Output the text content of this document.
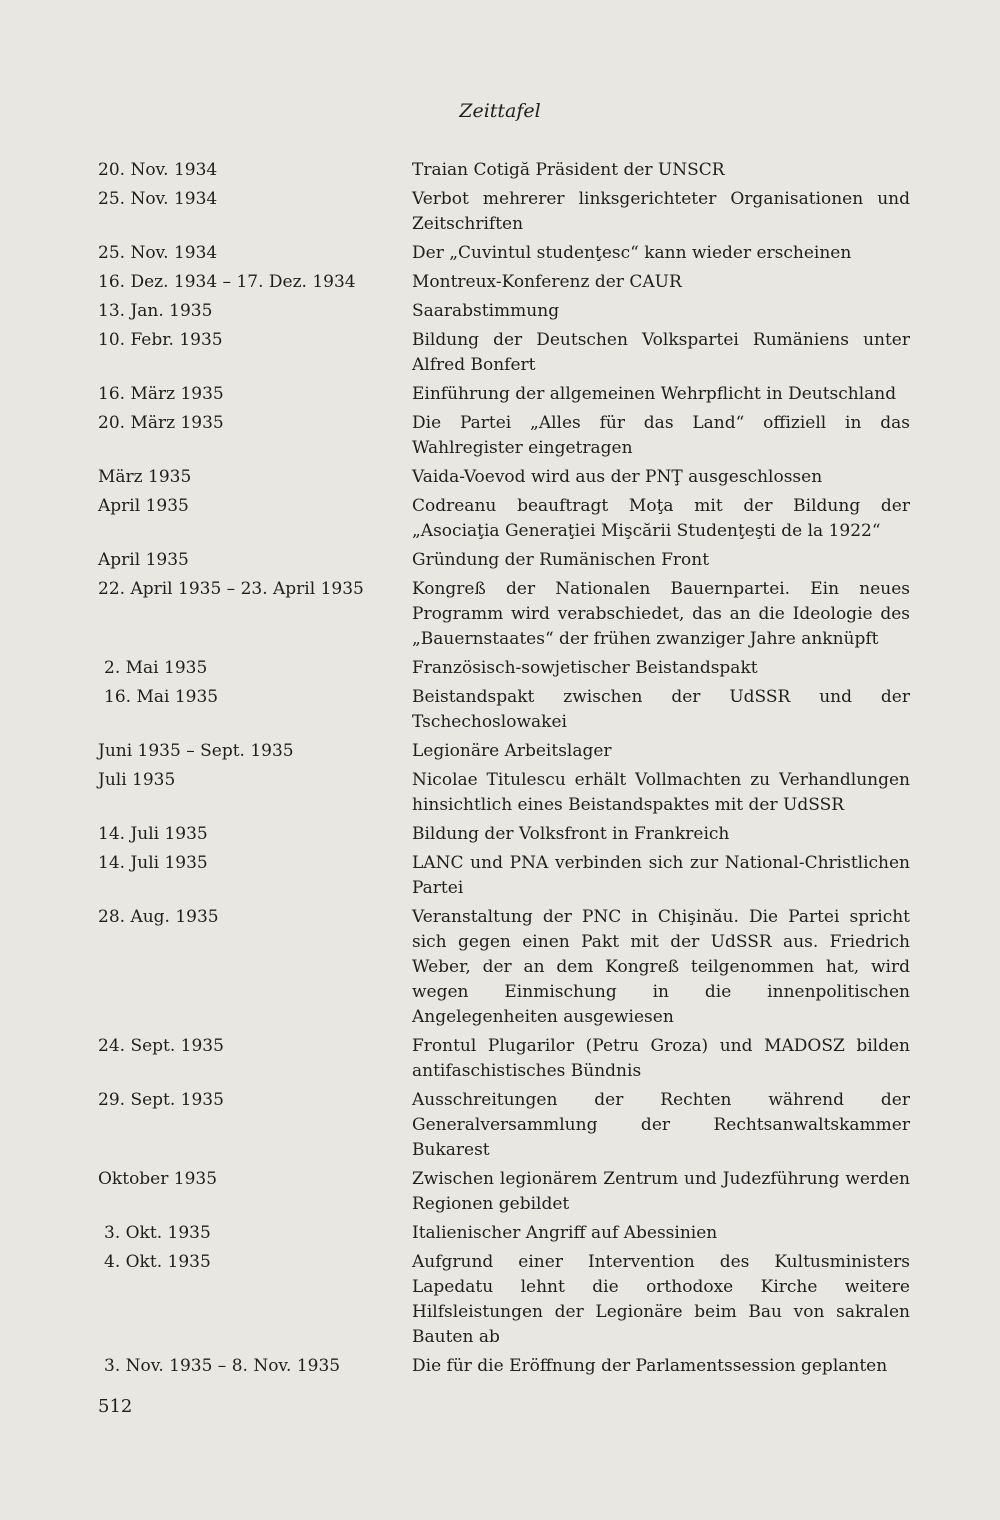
Zeittafel
20. Nov. 1934	Traian Cotigă Präsident der UNSCR
25. Nov. 1934	Verbot mehrerer linksgerichteter Organisationen und Zeitschriften
25. Nov. 1934	Der „Cuvintul studenţesc“ kann wieder erscheinen
16. Dez. 1934 – 17. Dez. 1934	Montreux-Konferenz der CAUR
13. Jan. 1935	Saarabstimmung
10. Febr. 1935	Bildung der Deutschen Volkspartei Rumäniens unter Alfred Bonfert
16. März 1935	Einführung der allgemeinen Wehrpflicht in Deutschland
20. März 1935	Die Partei „Alles für das Land“ offiziell in das Wahlregister eingetragen
März 1935	Vaida-Voevod wird aus der PNŢ ausgeschlossen
April 1935	Codreanu beauftragt Moţa mit der Bildung der „Asociaţia Generaţiei Mişcării Studenţeşti de la 1922“
April 1935	Gründung der Rumänischen Front
22. April 1935 – 23. April 1935	Kongreß der Nationalen Bauernpartei. Ein neues Programm wird verabschiedet, das an die Ideologie des „Bauernstaates“ der frühen zwanziger Jahre anknüpft
2. Mai 1935	Französisch-sowjetischer Beistandspakt
16. Mai 1935	Beistandspakt zwischen der UdSSR und der Tschechoslowakei
Juni 1935 – Sept. 1935	Legionäre Arbeitslager
Juli 1935	Nicolae Titulescu erhält Vollmachten zu Verhandlungen hinsichtlich eines Beistandspaktes mit der UdSSR
14. Juli 1935	Bildung der Volksfront in Frankreich
14. Juli 1935	LANC und PNA verbinden sich zur National-Christlichen Partei
28. Aug. 1935	Veranstaltung der PNC in Chişinău. Die Partei spricht sich gegen einen Pakt mit der UdSSR aus. Friedrich Weber, der an dem Kongreß teilgenommen hat, wird wegen Einmischung in die innenpolitischen Angelegenheiten ausgewiesen
24. Sept. 1935	Frontul Plugarilor (Petru Groza) und MADOSZ bilden antifaschistisches Bündnis
29. Sept. 1935	Ausschreitungen der Rechten während der Generalversammlung der Rechtsanwaltskammer Bukarest
Oktober 1935	Zwischen legionärem Zentrum und Judezführung werden Regionen gebildet
3. Okt. 1935	Italienischer Angriff auf Abessinien
4. Okt. 1935	Aufgrund einer Intervention des Kultusministers Lapedatu lehnt die orthodoxe Kirche weitere Hilfsleistungen der Legionäre beim Bau von sakralen Bauten ab
3. Nov. 1935 – 8. Nov. 1935	Die für die Eröffnung der Parlamentssession geplanten
512
